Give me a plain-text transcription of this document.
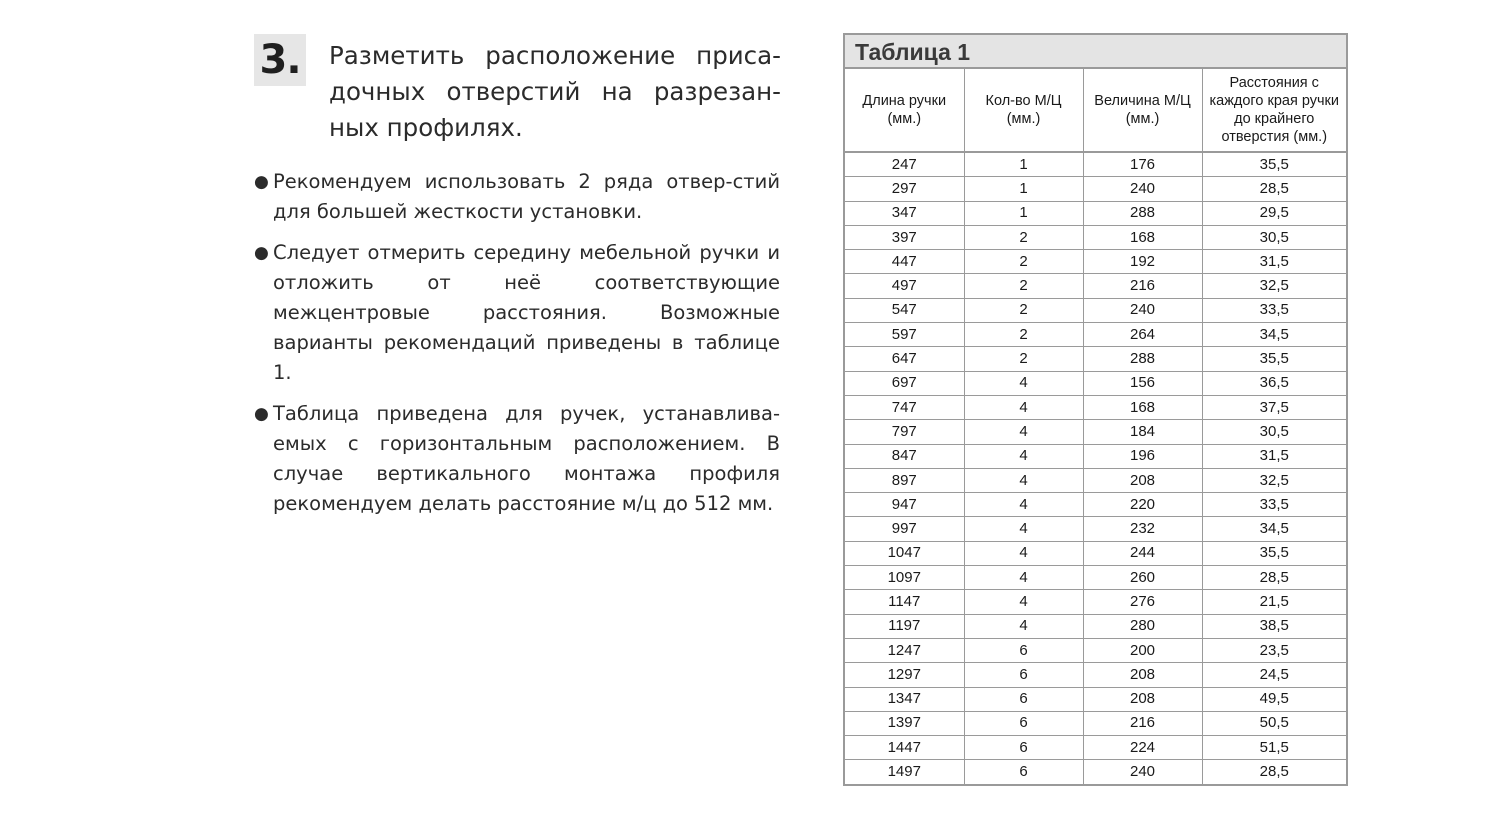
3. Разметить расположение приса-дочных отверстий на разрезан-ных профилях.
● Рекомендуем использовать 2 ряда отвер-стий для большей жесткости установки.
● Следует отмерить середину мебельной ручки и отложить от неё соответствующие межцентровые расстояния. Возможные варианты рекомендаций приведены в таблице 1.
● Таблица приведена для ручек, устанавлива-емых с горизонтальным расположением. В случае вертикального монтажа профиля рекомендуем делать расстояние м/ц до 512 мм.
Таблица 1
Длина ручки (мм.)	Кол-во М/Ц (мм.)	Величина М/Ц (мм.)	Расстояния с каждого края ручки до крайнего отверстия (мм.)
247	1	176	35,5
297	1	240	28,5
347	1	288	29,5
397	2	168	30,5
447	2	192	31,5
497	2	216	32,5
547	2	240	33,5
597	2	264	34,5
647	2	288	35,5
697	4	156	36,5
747	4	168	37,5
797	4	184	30,5
847	4	196	31,5
897	4	208	32,5
947	4	220	33,5
997	4	232	34,5
1047	4	244	35,5
1097	4	260	28,5
1147	4	276	21,5
1197	4	280	38,5
1247	6	200	23,5
1297	6	208	24,5
1347	6	208	49,5
1397	6	216	50,5
1447	6	224	51,5
1497	6	240	28,5
